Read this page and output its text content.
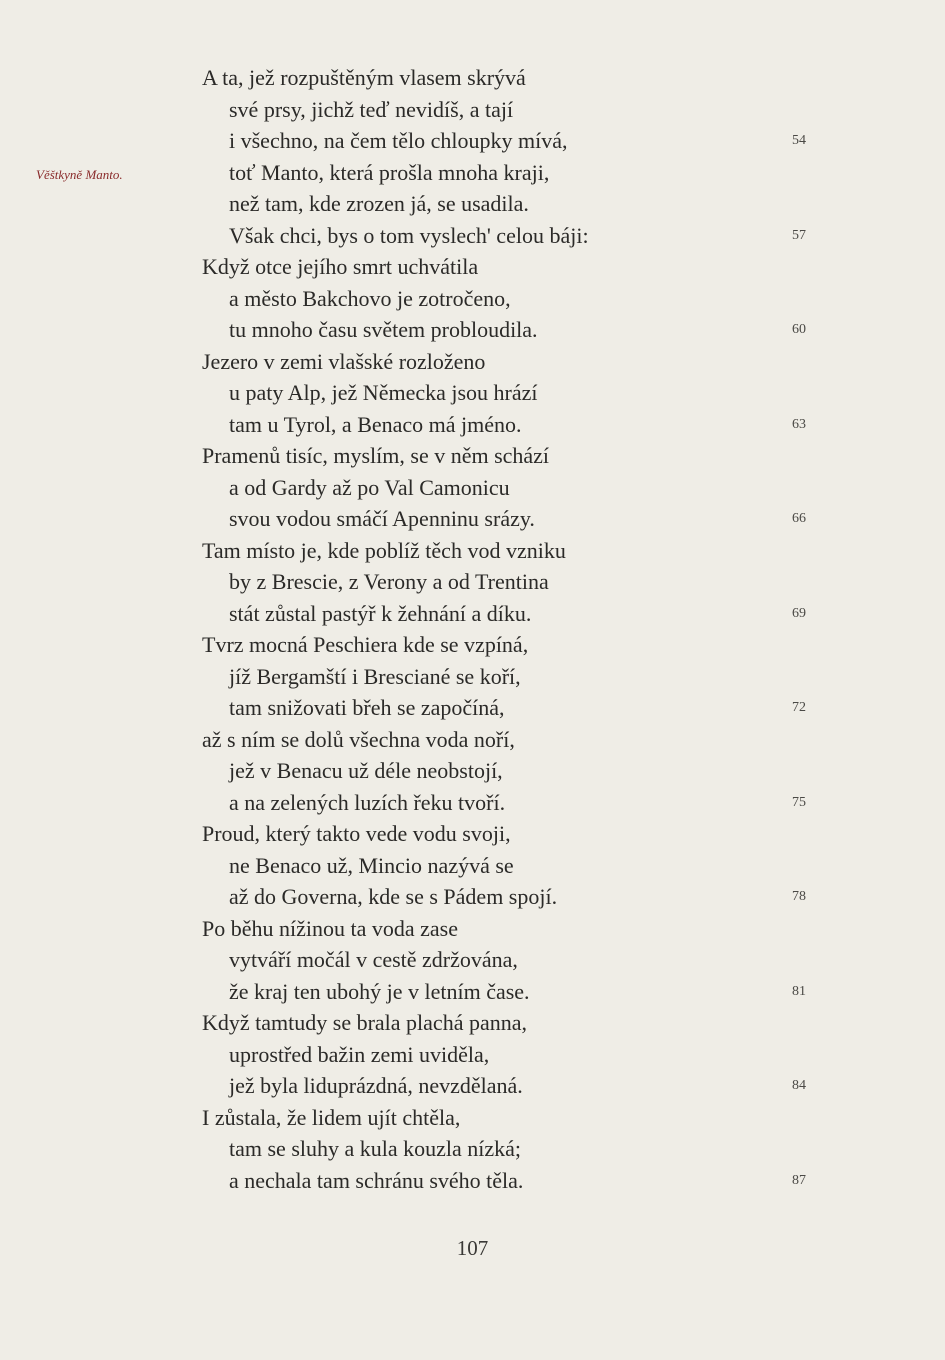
Věštkyně Manto.
A ta, jež rozpuštěným vlasem skrývá
své prsy, jichž teď nevidíš, a tají
i všechno, na čem tělo chloupky mívá,	54
toť Manto, která prošla mnoha kraji,
než tam, kde zrozen já, se usadila.
Však chci, bys o tom vyslech' celou báji:	57
Když otce jejího smrt uchvátila
a město Bakchovo je zotročeno,
tu mnoho času světem probloudila.	60
Jezero v zemi vlašské rozloženo
u paty Alp, jež Německa jsou hrází
tam u Tyrol, a Benaco má jméno.	63
Pramenů tisíc, myslím, se v něm schází
a od Gardy až po Val Camonicu
svou vodou smáčí Apenninu srázy.	66
Tam místo je, kde poblíž těch vod vzniku
by z Brescie, z Verony a od Trentina
stát zůstal pastýř k žehnání a díku.	69
Tvrz mocná Peschiera kde se vzpíná,
jíž Bergamští i Bresciané se koří,
tam snižovati břeh se započíná,	72
až s ním se dolů všechna voda noří,
jež v Benacu už déle neobstojí,
a na zelených luzích řeku tvoří.	75
Proud, který takto vede vodu svoji,
ne Benaco už, Mincio nazývá se
až do Governa, kde se s Pádem spojí.	78
Po běhu nížinou ta voda zase
vytváří močál v cestě zdržována,
že kraj ten ubohý je v letním čase.	81
Když tamtudy se brala plachá panna,
uprostřed bažin zemi uviděla,
jež byla liduprázdná, nevzdělaná.	84
I zůstala, že lidem ujít chtěla,
tam se sluhy a kula kouzla nízká;
a nechala tam schránu svého těla.	87
107
